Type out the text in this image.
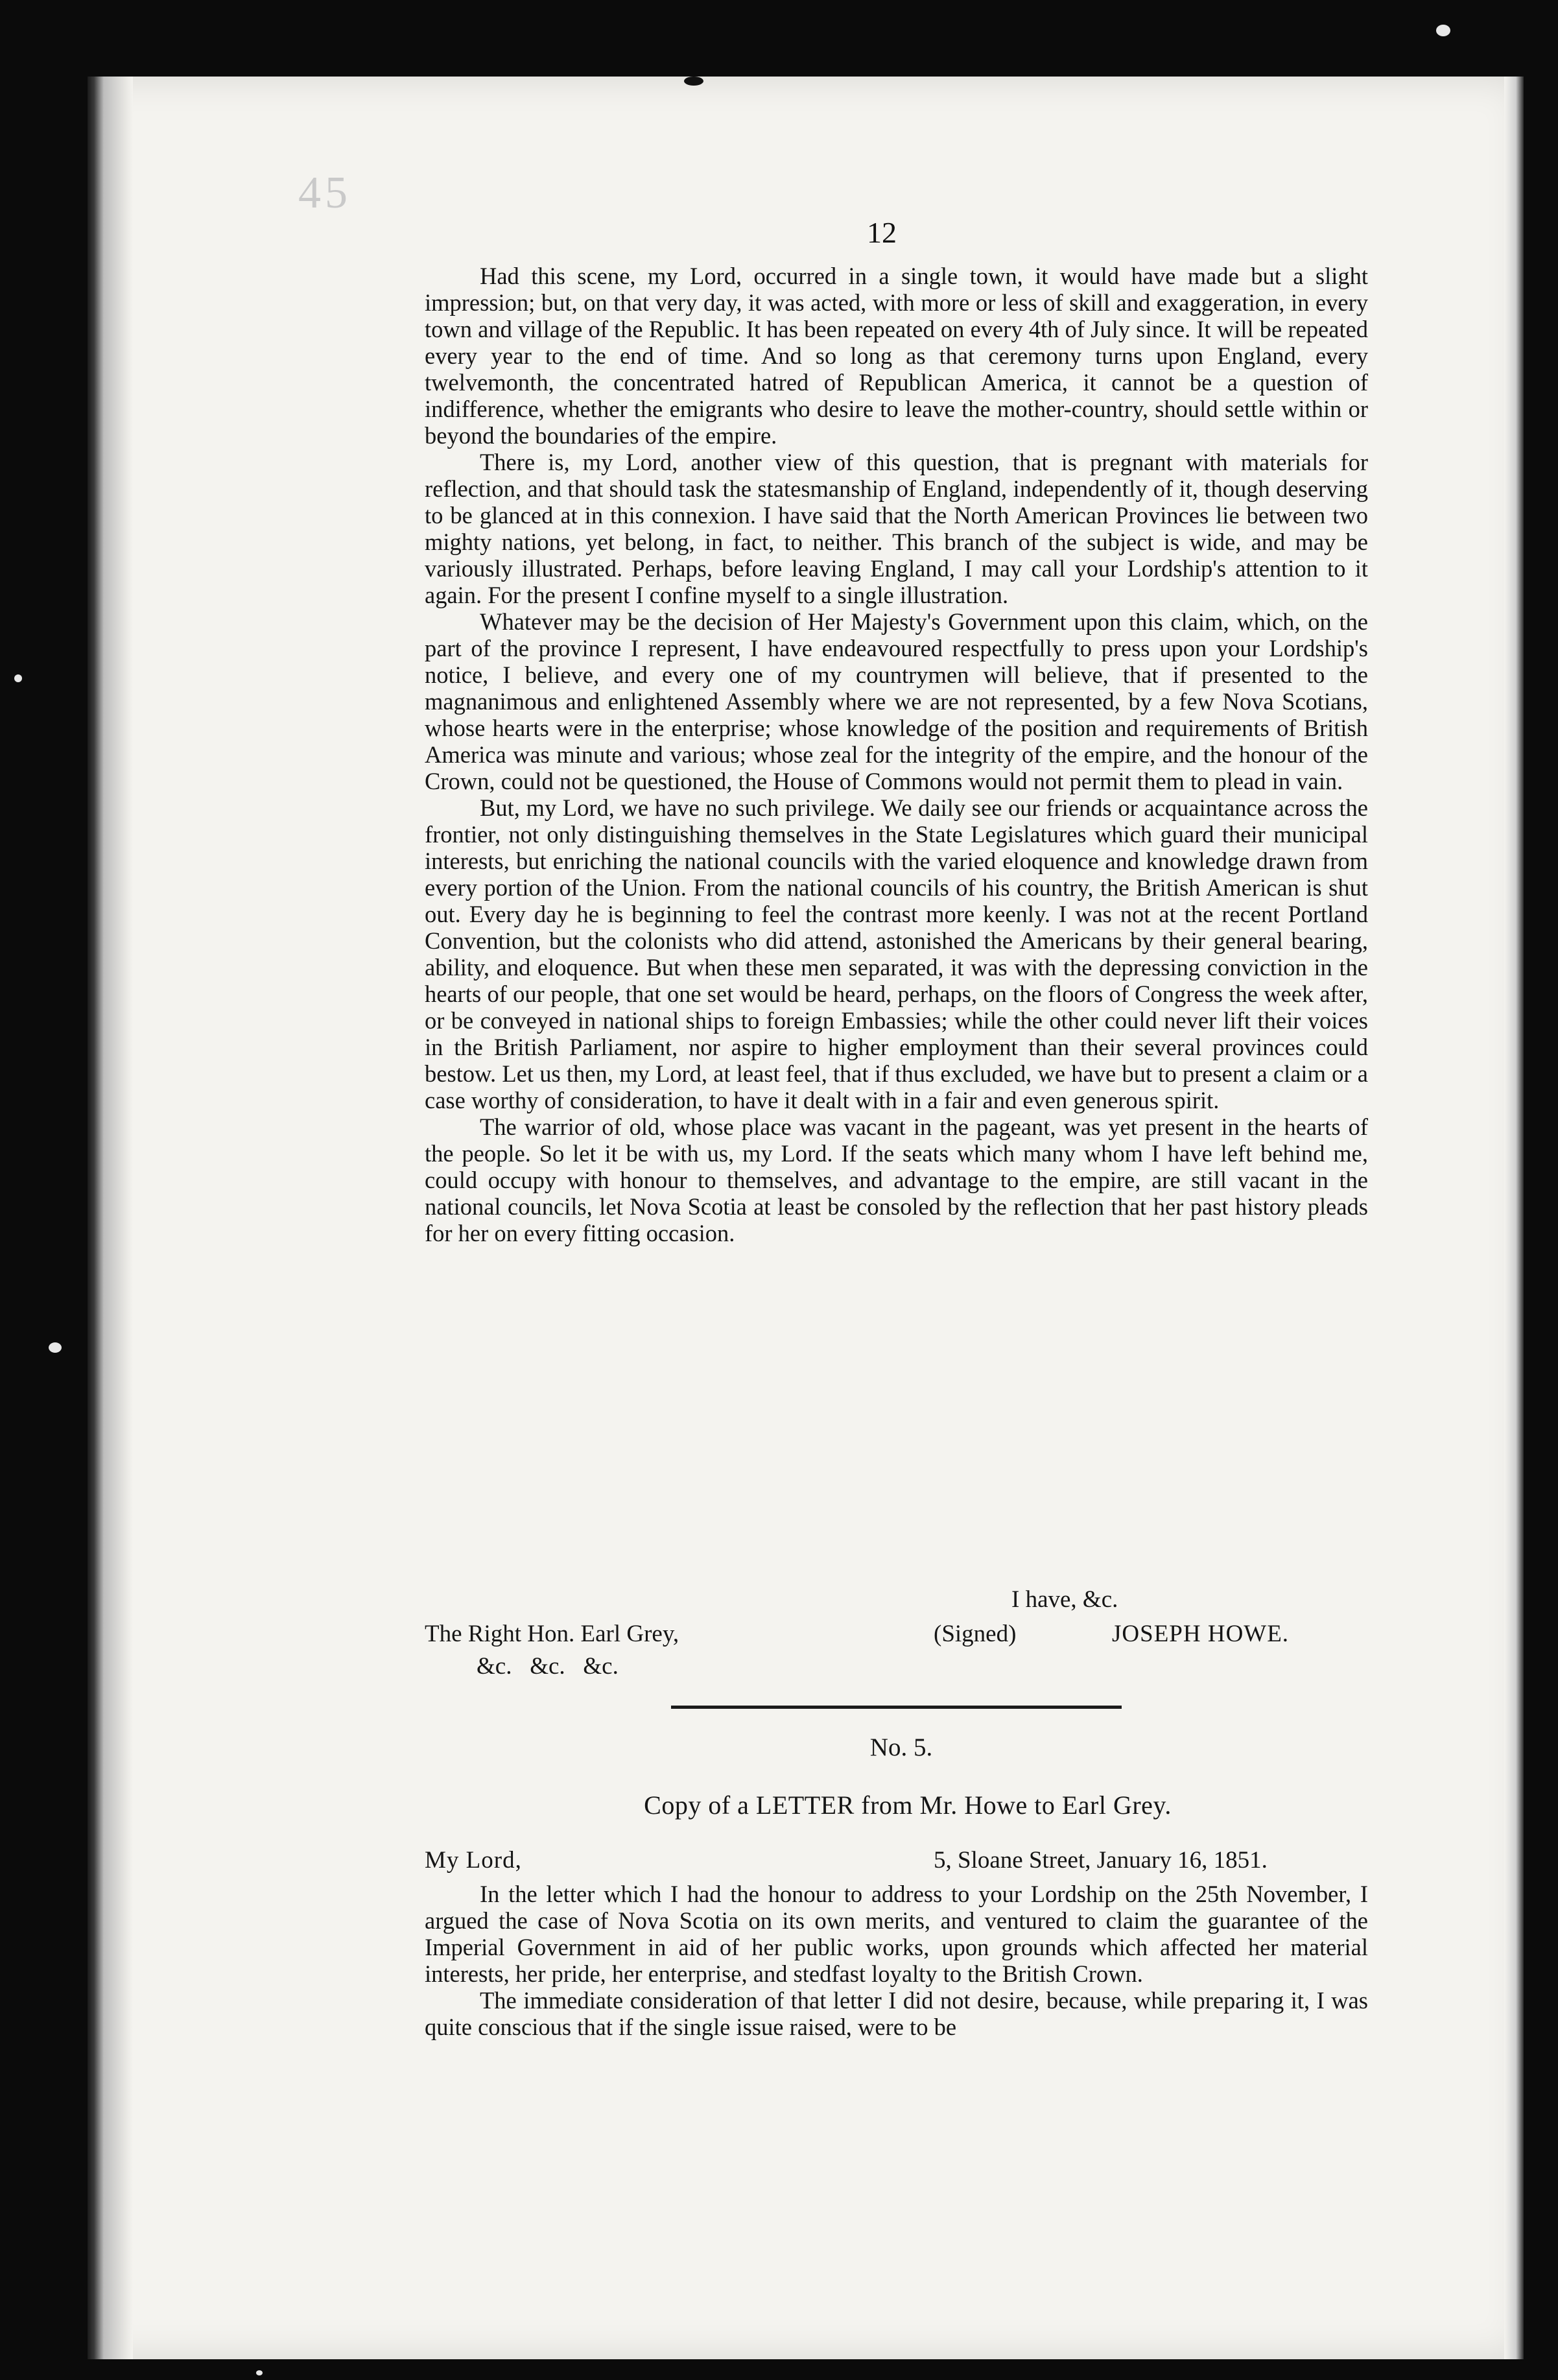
45
12

Had this scene, my Lord, occurred in a single town, it would have made but a slight impression; but, on that very day, it was acted, with more or less of skill and exaggeration, in every town and village of the Republic. It has been repeated on every 4th of July since. It will be repeated every year to the end of time. And so long as that ceremony turns upon England, every twelvemonth, the concentrated hatred of Republican America, it cannot be a question of indifference, whether the emigrants who desire to leave the mother-country, should settle within or beyond the boundaries of the empire.

There is, my Lord, another view of this question, that is pregnant with materials for reflection, and that should task the statesmanship of England, independently of it, though deserving to be glanced at in this connexion. I have said that the North American Provinces lie between two mighty nations, yet belong, in fact, to neither. This branch of the subject is wide, and may be variously illustrated. Perhaps, before leaving England, I may call your Lordship's attention to it again. For the present I confine myself to a single illustration.

Whatever may be the decision of Her Majesty's Government upon this claim, which, on the part of the province I represent, I have endeavoured respectfully to press upon your Lordship's notice, I believe, and every one of my countrymen will believe, that if presented to the magnanimous and enlightened Assembly where we are not represented, by a few Nova Scotians, whose hearts were in the enterprise; whose knowledge of the position and requirements of British America was minute and various; whose zeal for the integrity of the empire, and the honour of the Crown, could not be questioned, the House of Commons would not permit them to plead in vain.

But, my Lord, we have no such privilege. We daily see our friends or acquaintance across the frontier, not only distinguishing themselves in the State Legislatures which guard their municipal interests, but enriching the national councils with the varied eloquence and knowledge drawn from every portion of the Union. From the national councils of his country, the British American is shut out. Every day he is beginning to feel the contrast more keenly. I was not at the recent Portland Convention, but the colonists who did attend, astonished the Americans by their general bearing, ability, and eloquence. But when these men separated, it was with the depressing conviction in the hearts of our people, that one set would be heard, perhaps, on the floors of Congress the week after, or be conveyed in national ships to foreign Embassies; while the other could never lift their voices in the British Parliament, nor aspire to higher employment than their several provinces could bestow. Let us then, my Lord, at least feel, that if thus excluded, we have but to present a claim or a case worthy of consideration, to have it dealt with in a fair and even generous spirit.

The warrior of old, whose place was vacant in the pageant, was yet present in the hearts of the people. So let it be with us, my Lord. If the seats which many whom I have left behind me, could occupy with honour to themselves, and advantage to the empire, are still vacant in the national councils, let Nova Scotia at least be consoled by the reflection that her past history pleads for her on every fitting occasion.

I have, &c.
The Right Hon. Earl Grey,
&c.   &c.   &c.
(Signed)	JOSEPH HOWE.
No. 5.
Copy of a LETTER from Mr. Howe to Earl Grey.
My Lord,	5, Sloane Street, January 16, 1851.

In the letter which I had the honour to address to your Lordship on the 25th November, I argued the case of Nova Scotia on its own merits, and ventured to claim the guarantee of the Imperial Government in aid of her public works, upon grounds which affected her material interests, her pride, her enterprise, and stedfast loyalty to the British Crown.

The immediate consideration of that letter I did not desire, because, while preparing it, I was quite conscious that if the single issue raised, were to be
